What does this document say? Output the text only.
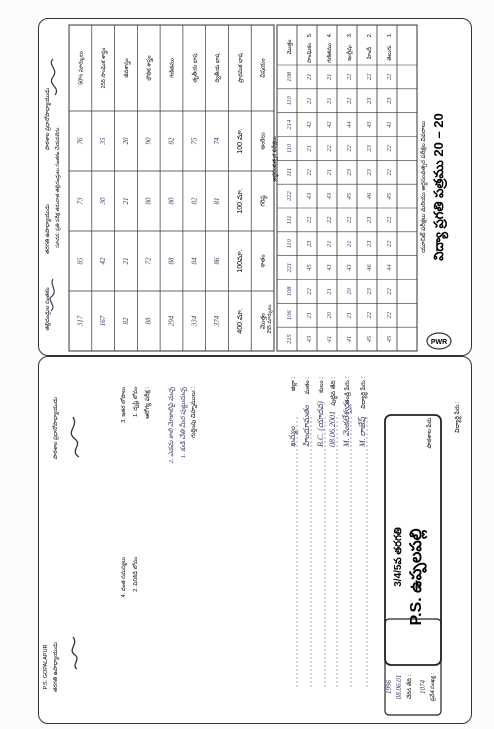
విద్యా ప్రగతి పత్రము 20 – 20
యూనిట్ పరీక్షలు మరియు అర్థసంవత్సర పరీక్షల వివరాలు
PWR
1.
తెలుగు
22
23
41
22
22
45
22
22
44
22
22
45
2.
హిందీ
22
23
45
23
23
46
23
23
46
23
22
45
3.
ఇంగ్లీషు
22
22
44
22
23
45
22
21
43
20
21
41
4.
గణితము
21
21
42
22
21
43
22
21
43
21
20
41
5.
సాంఘికం
21
21
42
21
22
43
22
23
45
22
21
43
మొత్తం
108
110
214
110
111
222
111
110
221
108
106
215
255 మార్కులు
అర్థసంవత్సర పరీక్షలు
విషయం
అంకెలు
గరిష్ఠ
శాతం
మొత్తం
ప్రాథమిక భాష
100 మా.
100 మా.
100మా.
400 మా.
ద్వితీయ భాష
74
81
86
374
తృతీయ భాష
75
82
84
334
గణితము
82
80
88
294
భౌతిక శాస్త్రం
90
80
72
88
జీవశాస్త్రం
20
21
21
82
255 సాంఘిక శాస్త్రం
35
30
42
167
50% మార్కులు
76
73
85
317
పాఠశాల ప్రధానోపాధ్యాయుడు
తరగతి ఉపాధ్యాయుడు
తల్లిదండ్రుల సంతకం
సూచన: ప్రతి పరీక్ష తరువాత తల్లిదండ్రులు సంతకం చేయవలెను.
విద్యార్థి పేరు :
పాఠశాల పేరు
P.S. ఉప్పలపల్లి
3/4/5వ తరగతి
ప్రవేశ సంఖ్య :
1074
చేరిన తేది :
08.06.01
1996
విద్యార్థి పేరు :
M. రాజేష్
తండ్రి పేరు :
M. వెంకటేశ్వర్లు
పుట్టిన తేది :
08.06.2001
కులం :
B.C. (యాదవ)
మతం :
హిందూమతం
జిల్లా :
ఖమ్మం
గుర్తింపు చిహ్నములు :
1. కుడి చేతి మీద పుట్టుమచ్చ
2. ఎడమ కాలి మోకాలిపై మచ్చ
ఆరోగ్య పరీక్ష :
1. దృష్టి లోపం
2. వినికిడి లోపం
3. ఇతర లోపాలు
4. దంత సమస్యలు
పాఠశాల ప్రధానోపాధ్యాయుడు
తరగతి ఉపాధ్యాయుడు
P.S. GOPALAPUR
